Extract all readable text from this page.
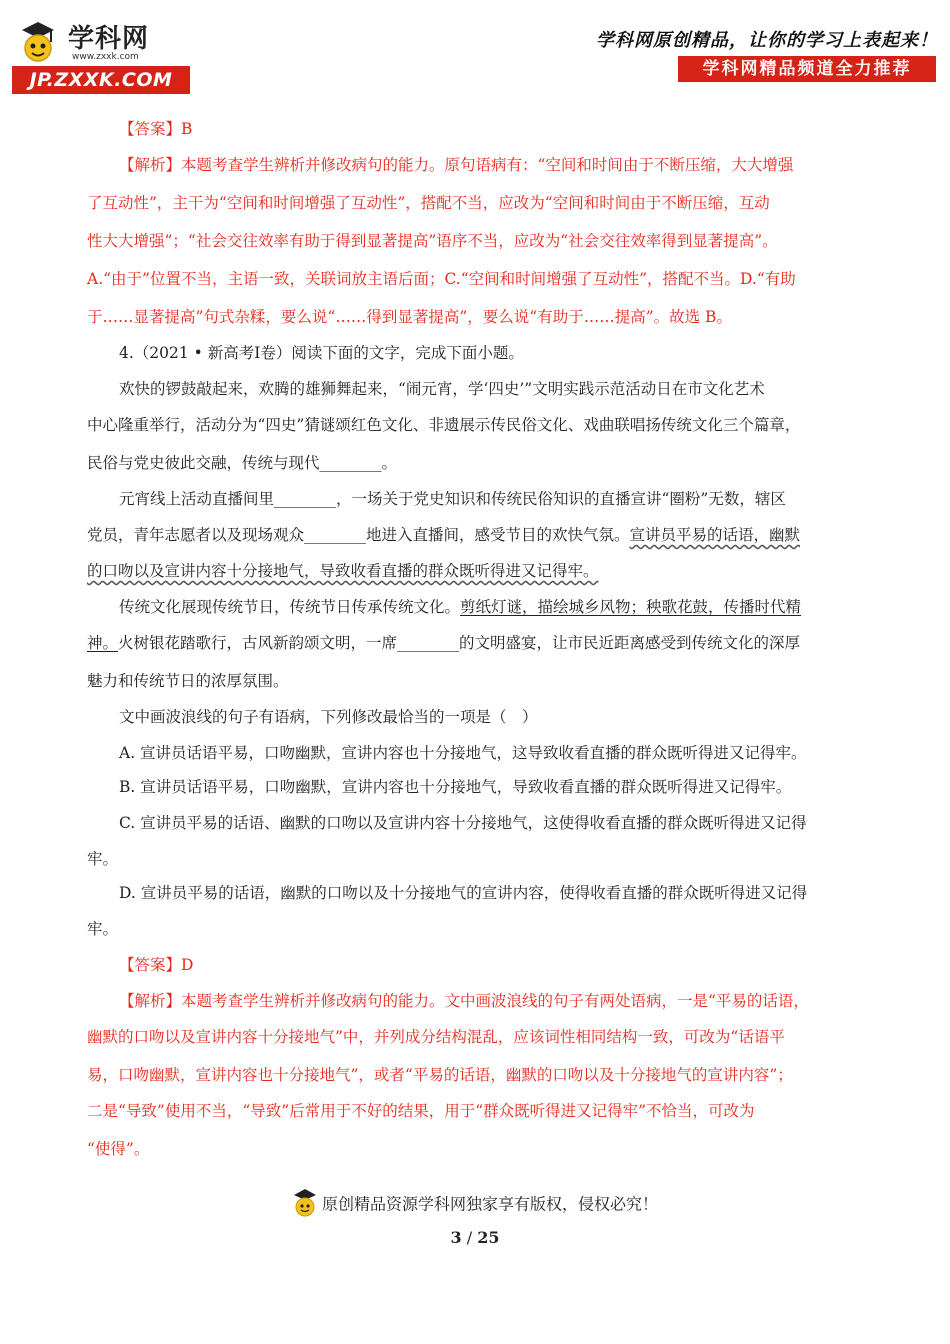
学科网
www.zxxk.com
JP.ZXXK.COM
学科网原创精品，让你的学习上表起来！
学科网精品频道全力推荐
【答案】B
【解析】本题考查学生辨析并修改病句的能力。原句语病有：“空间和时间由于不断压缩，大大增强
了互动性”，主干为“空间和时间增强了互动性”，搭配不当，应改为“空间和时间由于不断压缩，互动
性大大增强”；“社会交往效率有助于得到显著提高”语序不当，应改为“社会交往效率得到显著提高”。
A.“由于”位置不当，主语一致，关联词放主语后面；C.“空间和时间增强了互动性”，搭配不当。D.“有助
于……显著提高”句式杂糅，要么说“……得到显著提高”，要么说“有助于……提高”。故选 B。
4.（2021 • 新高考Ⅰ卷）阅读下面的文字，完成下面小题。
欢快的锣鼓敲起来，欢腾的雄狮舞起来，“闹元宵，学‘四史’”文明实践示范活动日在市文化艺术
中心隆重举行，活动分为“四史”猜谜颂红色文化、非遗展示传民俗文化、戏曲联唱扬传统文化三个篇章，
民俗与党史彼此交融，传统与现代________。
元宵线上活动直播间里________，一场关于党史知识和传统民俗知识的直播宣讲“圈粉”无数，辖区
党员，青年志愿者以及现场观众________地进入直播间，感受节目的欢快气氛。宣讲员平易的话语，幽默
的口吻以及宣讲内容十分接地气，导致收看直播的群众既听得进又记得牢。
传统文化展现传统节日，传统节日传承传统文化。剪纸灯谜，描绘城乡风物；秧歌花鼓，传播时代精
神。火树银花踏歌行，古风新韵颂文明，一席________的文明盛宴，让市民近距离感受到传统文化的深厚
魅力和传统节日的浓厚氛围。
文中画波浪线的句子有语病，下列修改最恰当的一项是（　）
A. 宣讲员话语平易，口吻幽默，宣讲内容也十分接地气，这导致收看直播的群众既听得进又记得牢。
B. 宣讲员话语平易，口吻幽默，宣讲内容也十分接地气，导致收看直播的群众既听得进又记得牢。
C. 宣讲员平易的话语、幽默的口吻以及宣讲内容十分接地气，这使得收看直播的群众既听得进又记得
牢。
D. 宣讲员平易的话语，幽默的口吻以及十分接地气的宣讲内容，使得收看直播的群众既听得进又记得
牢。
【答案】D
【解析】本题考查学生辨析并修改病句的能力。文中画波浪线的句子有两处语病，一是“平易的话语，
幽默的口吻以及宣讲内容十分接地气”中，并列成分结构混乱，应该词性相同结构一致，可改为“话语平
易，口吻幽默，宣讲内容也十分接地气”，或者“平易的话语，幽默的口吻以及十分接地气的宣讲内容”；
二是“导致”使用不当，“导致”后常用于不好的结果，用于“群众既听得进又记得牢”不恰当，可改为
“使得”。
原创精品资源学科网独家享有版权，侵权必究！
3 / 25
